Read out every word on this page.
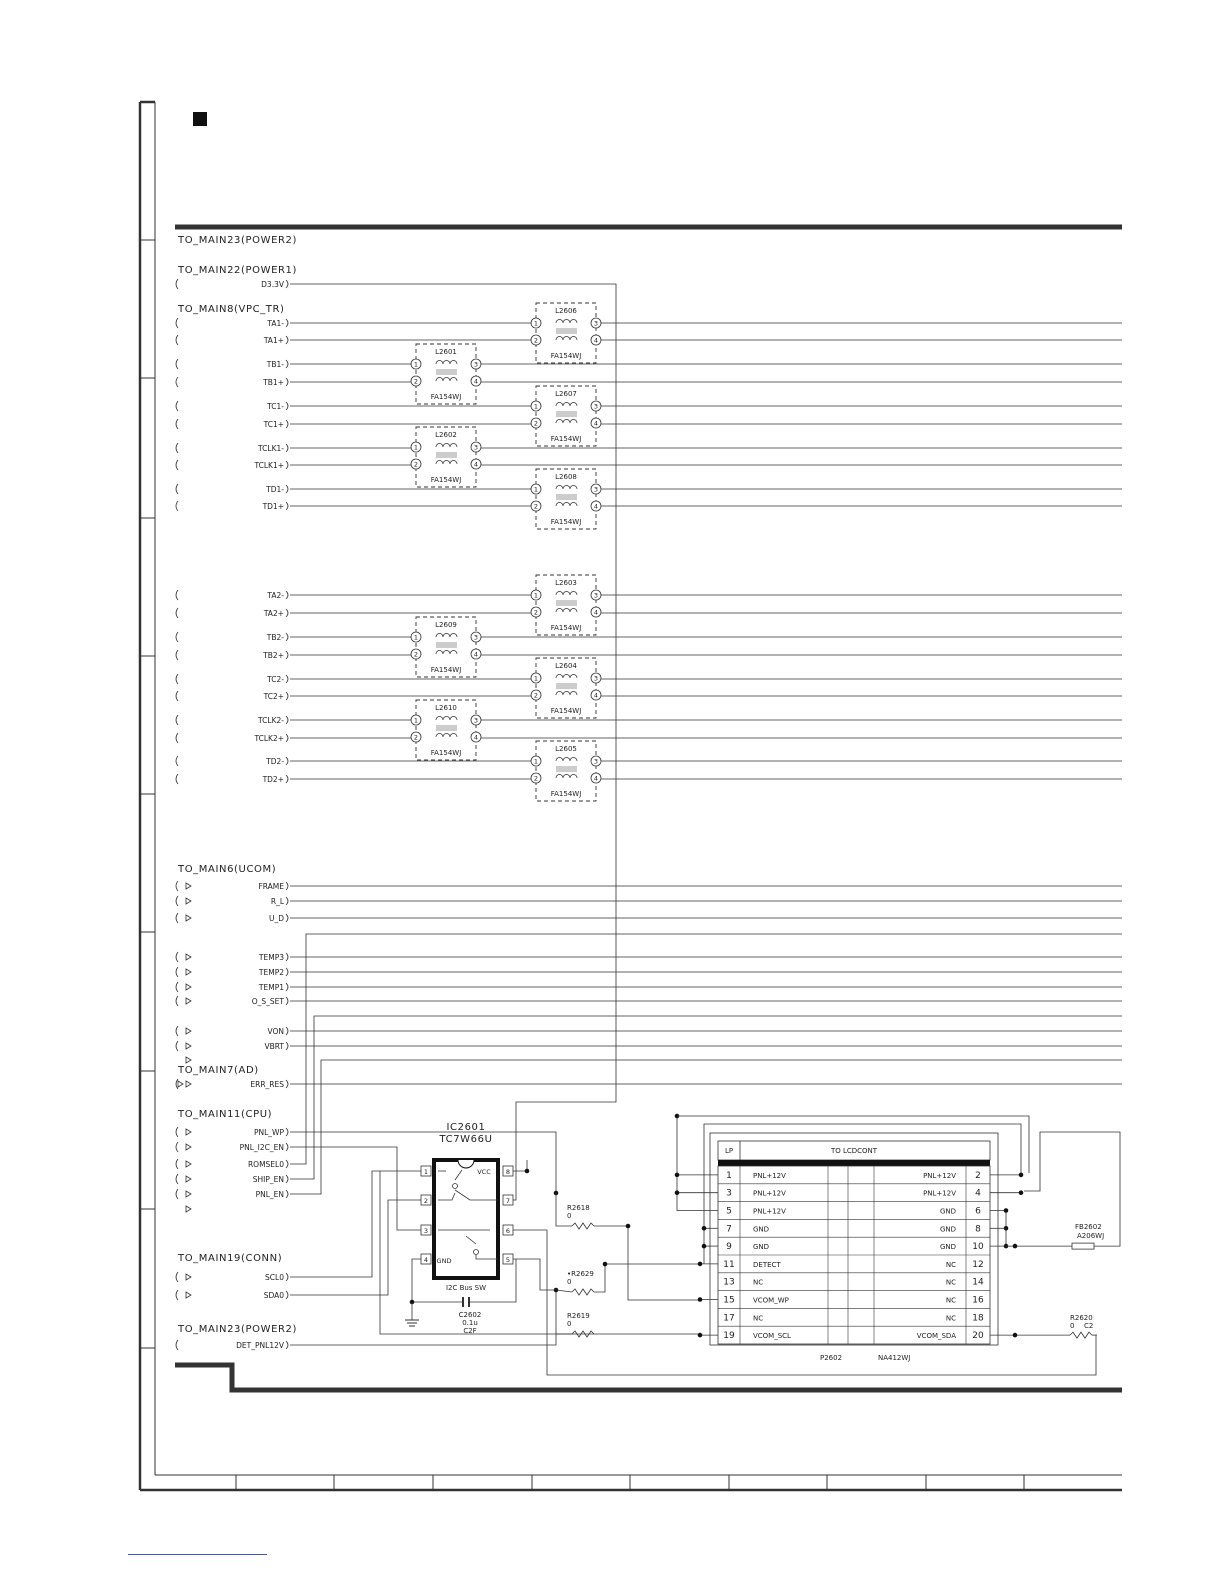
TO_MAIN23(POWER2)
TO_MAIN22(POWER1)
TO_MAIN8(VPC_TR)
TO_MAIN6(UCOM)
TO_MAIN7(AD)
TO_MAIN11(CPU)
TO_MAIN19(CONN)
TO_MAIN23(POWER2)
D3.3V
TA1-
TA1+
TB1-
TB1+
TC1-
TC1+
TCLK1-
TCLK1+
TD1-
TD1+
TA2-
TA2+
TB2-
TB2+
TC2-
TC2+
TCLK2-
TCLK2+
TD2-
TD2+
FRAME
R_L
U_D
TEMP3
TEMP2
TEMP1
O_S_SET
VON
VBRT
ERR_RES
PNL_WP
PNL_I2C_EN
ROMSEL0
SHIP_EN
PNL_EN
SCL0
SDA0
DET_PNL12V
L2606
FA154WJ
1	3
2	4
L2601
FA154WJ
1	3
2	4
L2607
FA154WJ
1	3
2	4
L2602
FA154WJ
1	3
2	4
L2608
FA154WJ
1	3
2	4
L2603
FA154WJ
1	3
2	4
L2609
FA154WJ
1	3
2	4
L2604
FA154WJ
1	3
2	4
L2610
FA154WJ
1	3
2	4
L2605
FA154WJ
1	3
2	4
IC2601
TC7W66U
I2C Bus SW
VCC
GND
1
2
3
4	5
6
7
8
C2602
0.1u
C2F
R2618
0
•R2629
0
R2619
0
LP	TO LCDCONT
1	PNL+12V	PNL+12V 2
3	PNL+12V	PNL+12V 4
5	PNL+12V	GND 6
7	GND	GND 8
9	GND	GND 10
11	DETECT	NC 12
13	NC	NC 14
15	VCOM_WP	NC 16
17	NC	NC 18
19	VCOM_SCL	VCOM_SDA 20
P2602	NA412WJ
FB2602
A206WJ
R2620
0 C2
